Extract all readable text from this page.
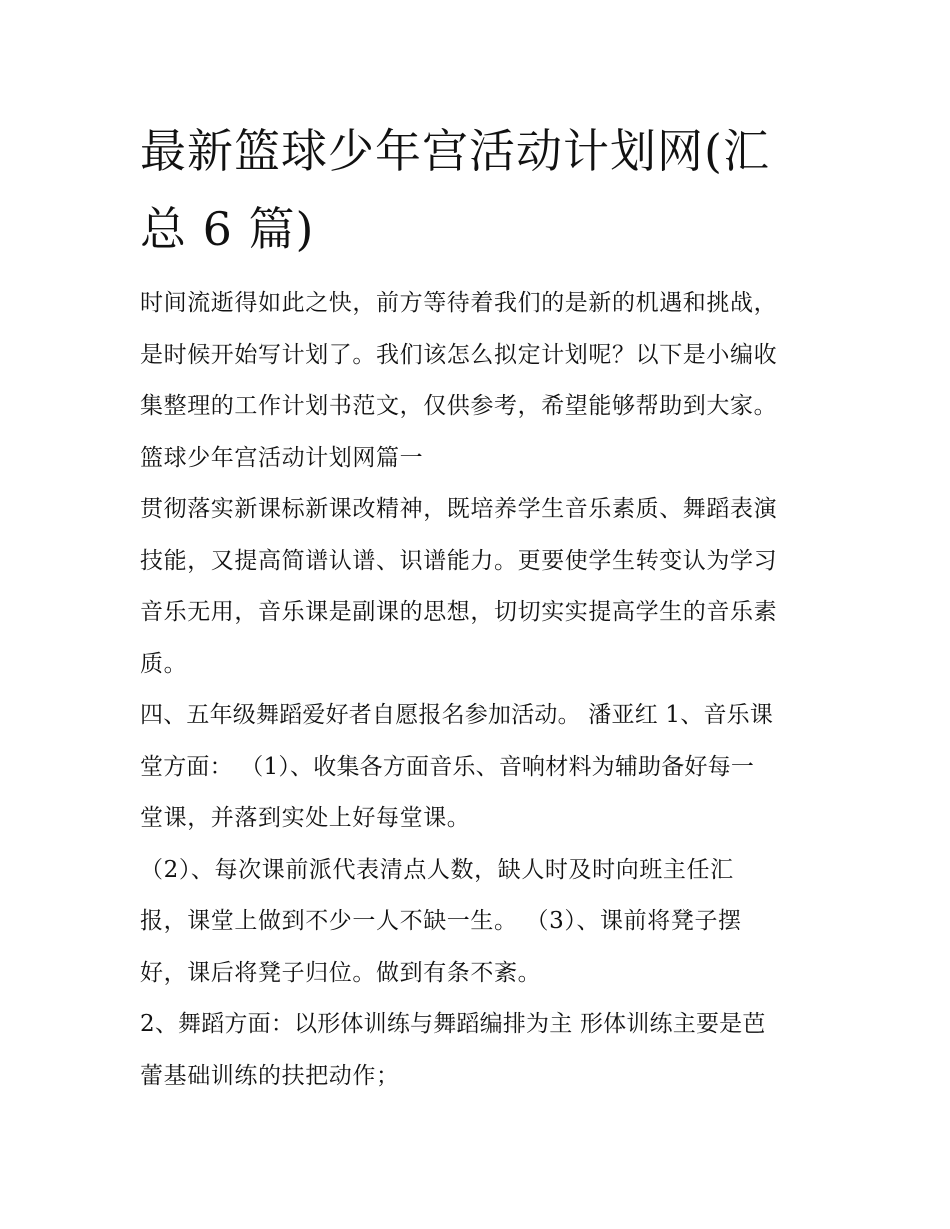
最新篮球少年宫活动计划网(汇
总 6 篇)
时间流逝得如此之快，前方等待着我们的是新的机遇和挑战，
是时候开始写计划了。我们该怎么拟定计划呢？以下是小编收
集整理的工作计划书范文，仅供参考，希望能够帮助到大家。
篮球少年宫活动计划网篇一
贯彻落实新课标新课改精神，既培养学生音乐素质、舞蹈表演
技能，又提高简谱认谱、识谱能力。更要使学生转变认为学习
音乐无用，音乐课是副课的思想，切切实实提高学生的音乐素
质。
四、五年级舞蹈爱好者自愿报名参加活动。 潘亚红 1、音乐课
堂方面： （1）、收集各方面音乐、音响材料为辅助备好每一
堂课，并落到实处上好每堂课。
（2）、每次课前派代表清点人数，缺人时及时向班主任汇
报，课堂上做到不少一人不缺一生。 （3）、课前将凳子摆
好，课后将凳子归位。做到有条不紊。
2、舞蹈方面：以形体训练与舞蹈编排为主 形体训练主要是芭
蕾基础训练的扶把动作；
